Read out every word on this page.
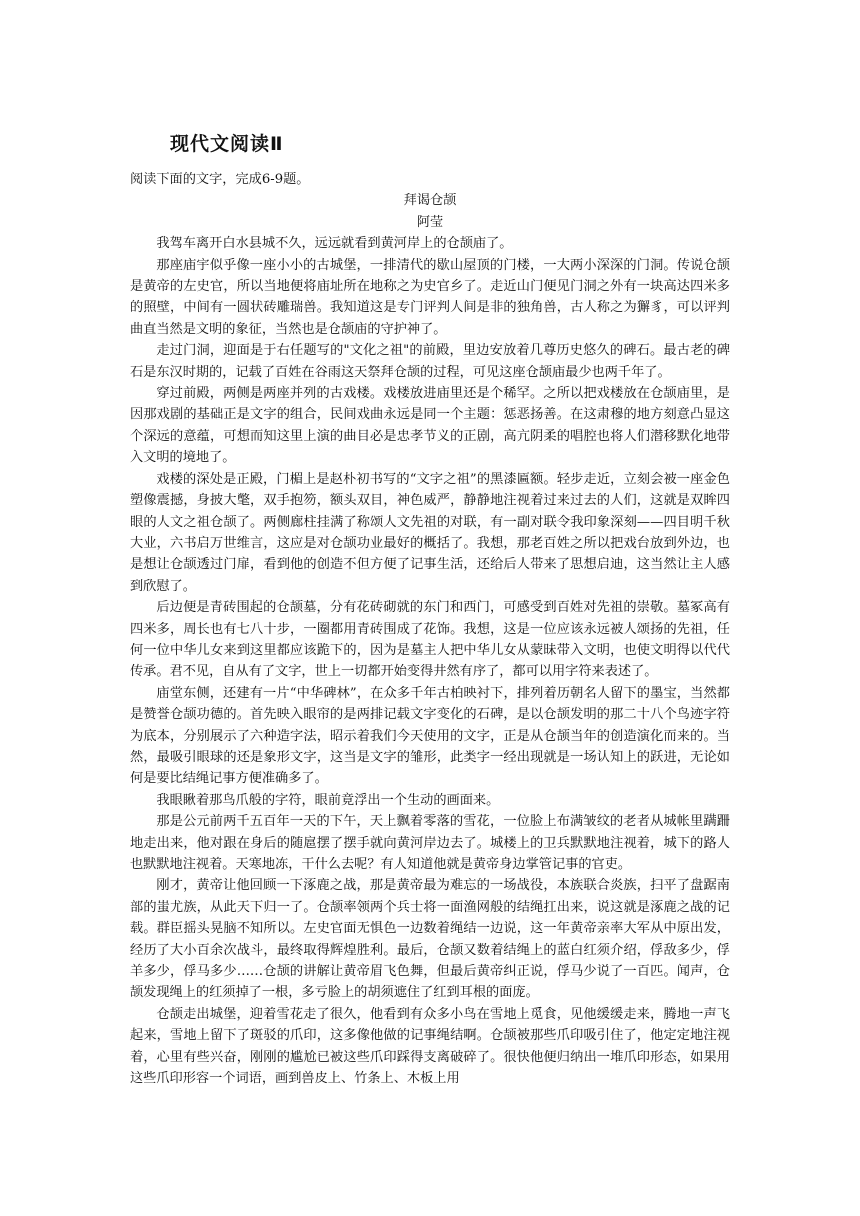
现代文阅读Ⅱ

阅读下面的文字，完成6-9题。

拜谒仓颉

阿莹

我驾车离开白水县城不久，远远就看到黄河岸上的仓颉庙了。

那座庙宇似乎像一座小小的古城堡，一排清代的歇山屋顶的门楼，一大两小深深的门洞。传说仓颉是黄帝的左史官，所以当地便将庙址所在地称之为史官乡了。走近山门便见门洞之外有一块高达四米多的照壁，中间有一圆状砖雕瑞兽。我知道这是专门评判人间是非的独角兽，古人称之为獬豸，可以评判曲直当然是文明的象征，当然也是仓颉庙的守护神了。

走过门洞，迎面是于右任题写的"文化之祖"的前殿，里边安放着几尊历史悠久的碑石。最古老的碑石是东汉时期的，记载了百姓在谷雨这天祭拜仓颉的过程，可见这座仓颉庙最少也两千年了。

穿过前殿，两侧是两座并列的古戏楼。戏楼放进庙里还是个稀罕。之所以把戏楼放在仓颉庙里，是因那戏剧的基础正是文字的组合，民间戏曲永远是同一个主题：惩恶扬善。在这肃穆的地方刻意凸显这个深远的意蕴，可想而知这里上演的曲目必是忠孝节义的正剧，高亢阴柔的唱腔也将人们潜移默化地带入文明的境地了。

戏楼的深处是正殿，门楣上是赵朴初书写的“文字之祖”的黑漆匾额。轻步走近，立刻会被一座金色塑像震撼，身披大氅，双手抱笏，额头双目，神色威严，静静地注视着过来过去的人们，这就是双眸四眼的人文之祖仓颉了。两侧廊柱挂满了称颂人文先祖的对联，有一副对联令我印象深刻——四目明千秋大业，六书启万世维言，这应是对仓颉功业最好的概括了。我想，那老百姓之所以把戏台放到外边，也是想让仓颉透过门扉，看到他的创造不但方便了记事生活，还给后人带来了思想启迪，这当然让主人感到欣慰了。

后边便是青砖围起的仓颉墓，分有花砖砌就的东门和西门，可感受到百姓对先祖的崇敬。墓冢高有四米多，周长也有七八十步，一圈都用青砖围成了花饰。我想，这是一位应该永远被人颂扬的先祖，任何一位中华儿女来到这里都应该跪下的，因为是墓主人把中华儿女从蒙昧带入文明，也使文明得以代代传承。君不见，自从有了文字，世上一切都开始变得井然有序了，都可以用字符来表述了。

庙堂东侧，还建有一片“中华碑林”，在众多千年古柏映衬下，排列着历朝名人留下的墨宝，当然都是赞誉仓颉功德的。首先映入眼帘的是两排记载文字变化的石碑，是以仓颉发明的那二十八个鸟迹字符为底本，分别展示了六种造字法，昭示着我们今天使用的文字，正是从仓颉当年的创造演化而来的。当然，最吸引眼球的还是象形文字，这当是文字的雏形，此类字一经出现就是一场认知上的跃进，无论如何是要比结绳记事方便准确多了。

我眼瞅着那鸟爪般的字符，眼前竟浮出一个生动的画面来。

那是公元前两千五百年一天的下午，天上飘着零落的雪花，一位脸上布满皱纹的老者从城帐里蹒跚地走出来，他对跟在身后的随扈摆了摆手就向黄河岸边去了。城楼上的卫兵默默地注视着，城下的路人也默默地注视着。天寒地冻，干什么去呢？有人知道他就是黄帝身边掌管记事的官吏。

刚才，黄帝让他回顾一下涿鹿之战，那是黄帝最为难忘的一场战役，本族联合炎族，扫平了盘踞南部的蚩尤族，从此天下归一了。仓颉率领两个兵士将一面渔网般的结绳扛出来，说这就是涿鹿之战的记载。群臣摇头晃脑不知所以。左史官面无惧色一边数着绳结一边说，这一年黄帝亲率大军从中原出发，经历了大小百余次战斗，最终取得辉煌胜利。最后，仓颉又数着结绳上的蓝白红须介绍，俘敌多少，俘羊多少，俘马多少……仓颉的讲解让黄帝眉飞色舞，但最后黄帝纠正说，俘马少说了一百匹。闻声，仓颉发现绳上的红须掉了一根，多亏脸上的胡须遮住了红到耳根的面庞。

仓颉走出城堡，迎着雪花走了很久，他看到有众多小鸟在雪地上觅食，见他缓缓走来，腾地一声飞起来，雪地上留下了斑驳的爪印，这多像他做的记事绳结啊。仓颉被那些爪印吸引住了，他定定地注视着，心里有些兴奋，刚刚的尴尬已被这些爪印踩得支离破碎了。很快他便归纳出一堆爪印形态，如果用这些爪印形容一个词语，画到兽皮上、竹条上、木板上用
